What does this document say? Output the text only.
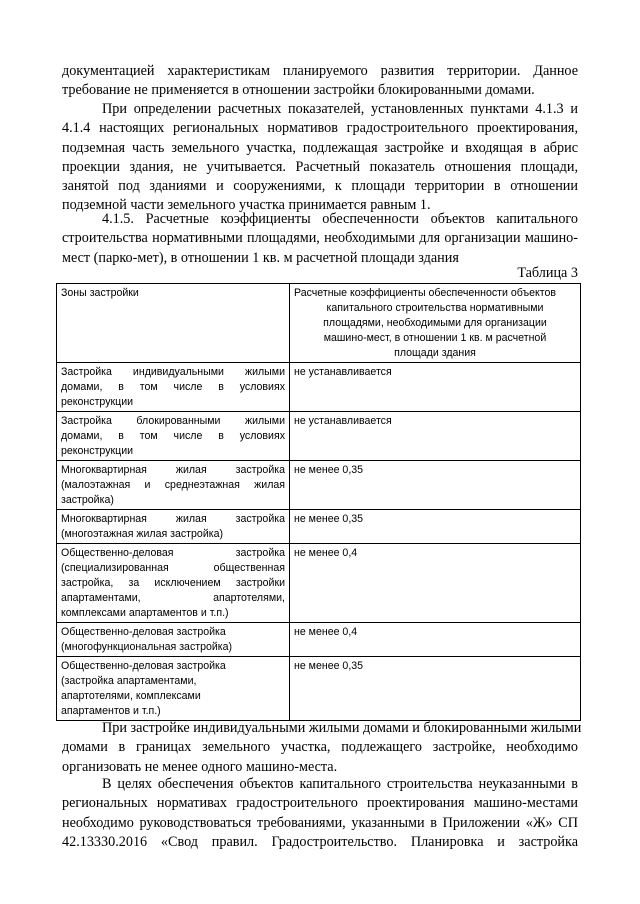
документацией характеристикам планируемого развития территории. Данное
требование не применяется в отношении застройки блокированными домами.

При определении расчетных показателей, установленных пунктами 4.1.3 и
4.1.4 настоящих региональных нормативов градостроительного проектирования,
подземная часть земельного участка, подлежащая застройке и входящая в абрис
проекции здания, не учитывается. Расчетный показатель отношения площади,
занятой под зданиями и сооружениями, к площади территории в отношении
подземной части земельного участка принимается равным 1.

4.1.5. Расчетные коэффициенты обеспеченности объектов капитального
строительства нормативными площадями, необходимыми для организации машино-
мест (парко-мет), в отношении 1 кв. м расчетной площади здания

Таблица 3

Зоны застройки	Расчетные коэффициенты обеспеченности объектов
капитального строительства нормативными
площадями, необходимыми для организации
машино-мест, в отношении 1 кв. м расчетной
площади здания

Застройка индивидуальными жилыми
домами, в том числе в условиях
реконструкции	не устанавливается

Застройка блокированными жилыми
домами, в том числе в условиях
реконструкции	не устанавливается

Многоквартирная жилая застройка
(малоэтажная и среднеэтажная жилая
застройка)	не менее 0,35

Многоквартирная жилая застройка
(многоэтажная жилая застройка)	не менее 0,35

Общественно-деловая застройка
(специализированная общественная
застройка, за исключением застройки
апартаментами, апартотелями,
комплексами апартаментов и т.п.)	не менее 0,4

Общественно-деловая застройка
(многофункциональная застройка)	не менее 0,4

Общественно-деловая застройка
(застройка апартаментами,
апартотелями, комплексами
апартаментов и т.п.)	не менее 0,35

При застройке индивидуальными жилыми домами и блокированными жилыми
домами в границах земельного участка, подлежащего застройке, необходимо
организовать не менее одного машино-места.

В целях обеспечения объектов капитального строительства неуказанными в
региональных нормативах градостроительного проектирования машино-местами
необходимо руководствоваться требованиями, указанными в Приложении «Ж» СП
42.13330.2016 «Свод правил. Градостроительство. Планировка и застройка
